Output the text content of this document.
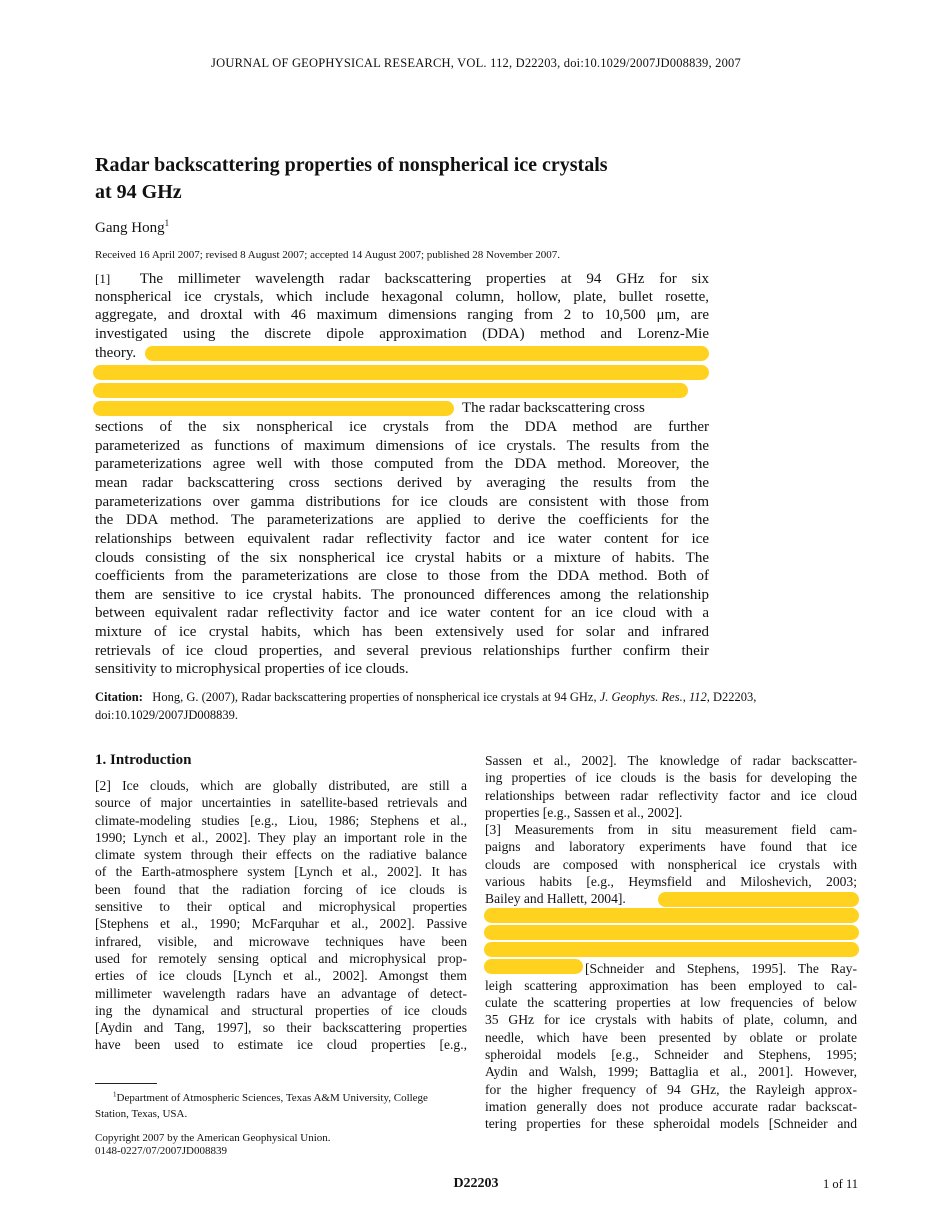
JOURNAL OF GEOPHYSICAL RESEARCH, VOL. 112, D22203, doi:10.1029/2007JD008839, 2007
Radar backscattering properties of nonspherical ice crystals
at 94 GHz
Gang Hong$^1$
Received 16 April 2007; revised 8 August 2007; accepted 14 August 2007; published 28 November 2007.
[1] The millimeter wavelength radar backscattering properties at 94 GHz for six
nonspherical ice crystals, which include hexagonal column, hollow, plate, bullet rosette,
aggregate, and droxtal with 46 maximum dimensions ranging from 2 to 10,500 μm, are
investigated using the discrete dipole approximation (DDA) method and Lorenz-Mie
theory.
The radar backscattering cross
sections of the six nonspherical ice crystals from the DDA method are further
parameterized as functions of maximum dimensions of ice crystals. The results from the
parameterizations agree well with those computed from the DDA method. Moreover, the
mean radar backscattering cross sections derived by averaging the results from the
parameterizations over gamma distributions for ice clouds are consistent with those from
the DDA method. The parameterizations are applied to derive the coefficients for the
relationships between equivalent radar reflectivity factor and ice water content for ice
clouds consisting of the six nonspherical ice crystal habits or a mixture of habits. The
coefficients from the parameterizations are close to those from the DDA method. Both of
them are sensitive to ice crystal habits. The pronounced differences among the relationship
between equivalent radar reflectivity factor and ice water content for an ice cloud with a
mixture of ice crystal habits, which has been extensively used for solar and infrared
retrievals of ice cloud properties, and several previous relationships further confirm their
sensitivity to microphysical properties of ice clouds.
Citation: Hong, G. (2007), Radar backscattering properties of nonspherical ice crystals at 94 GHz, J. Geophys. Res., 112, D22203,
doi:10.1029/2007JD008839.
1. Introduction
[2] Ice clouds, which are globally distributed, are still a
source of major uncertainties in satellite-based retrievals and
climate-modeling studies [e.g., Liou, 1986; Stephens et al.,
1990; Lynch et al., 2002]. They play an important role in the
climate system through their effects on the radiative balance
of the Earth-atmosphere system [Lynch et al., 2002]. It has
been found that the radiation forcing of ice clouds is
sensitive to their optical and microphysical properties
[Stephens et al., 1990; McFarquhar et al., 2002]. Passive
infrared, visible, and microwave techniques have been
used for remotely sensing optical and microphysical prop-
erties of ice clouds [Lynch et al., 2002]. Amongst them
millimeter wavelength radars have an advantage of detect-
ing the dynamical and structural properties of ice clouds
[Aydin and Tang, 1997], so their backscattering properties
have been used to estimate ice cloud properties [e.g.,
Sassen et al., 2002]. The knowledge of radar backscatter-
ing properties of ice clouds is the basis for developing the
relationships between radar reflectivity factor and ice cloud
properties [e.g., Sassen et al., 2002].
[3] Measurements from in situ measurement field cam-
paigns and laboratory experiments have found that ice
clouds are composed with nonspherical ice crystals with
various habits [e.g., Heymsfield and Miloshevich, 2003;
Bailey and Hallett, 2004].
[Schneider and Stephens, 1995]. The Ray-
leigh scattering approximation has been employed to cal-
culate the scattering properties at low frequencies of below
35 GHz for ice crystals with habits of plate, column, and
needle, which have been presented by oblate or prolate
spheroidal models [e.g., Schneider and Stephens, 1995;
Aydin and Walsh, 1999; Battaglia et al., 2001]. However,
for the higher frequency of 94 GHz, the Rayleigh approx-
imation generally does not produce accurate radar backscat-
tering properties for these spheroidal models [Schneider and
$^1$Department of Atmospheric Sciences, Texas A&M University, College
Station, Texas, USA.
Copyright 2007 by the American Geophysical Union.
0148-0227/07/2007JD008839
D22203	1 of 11
